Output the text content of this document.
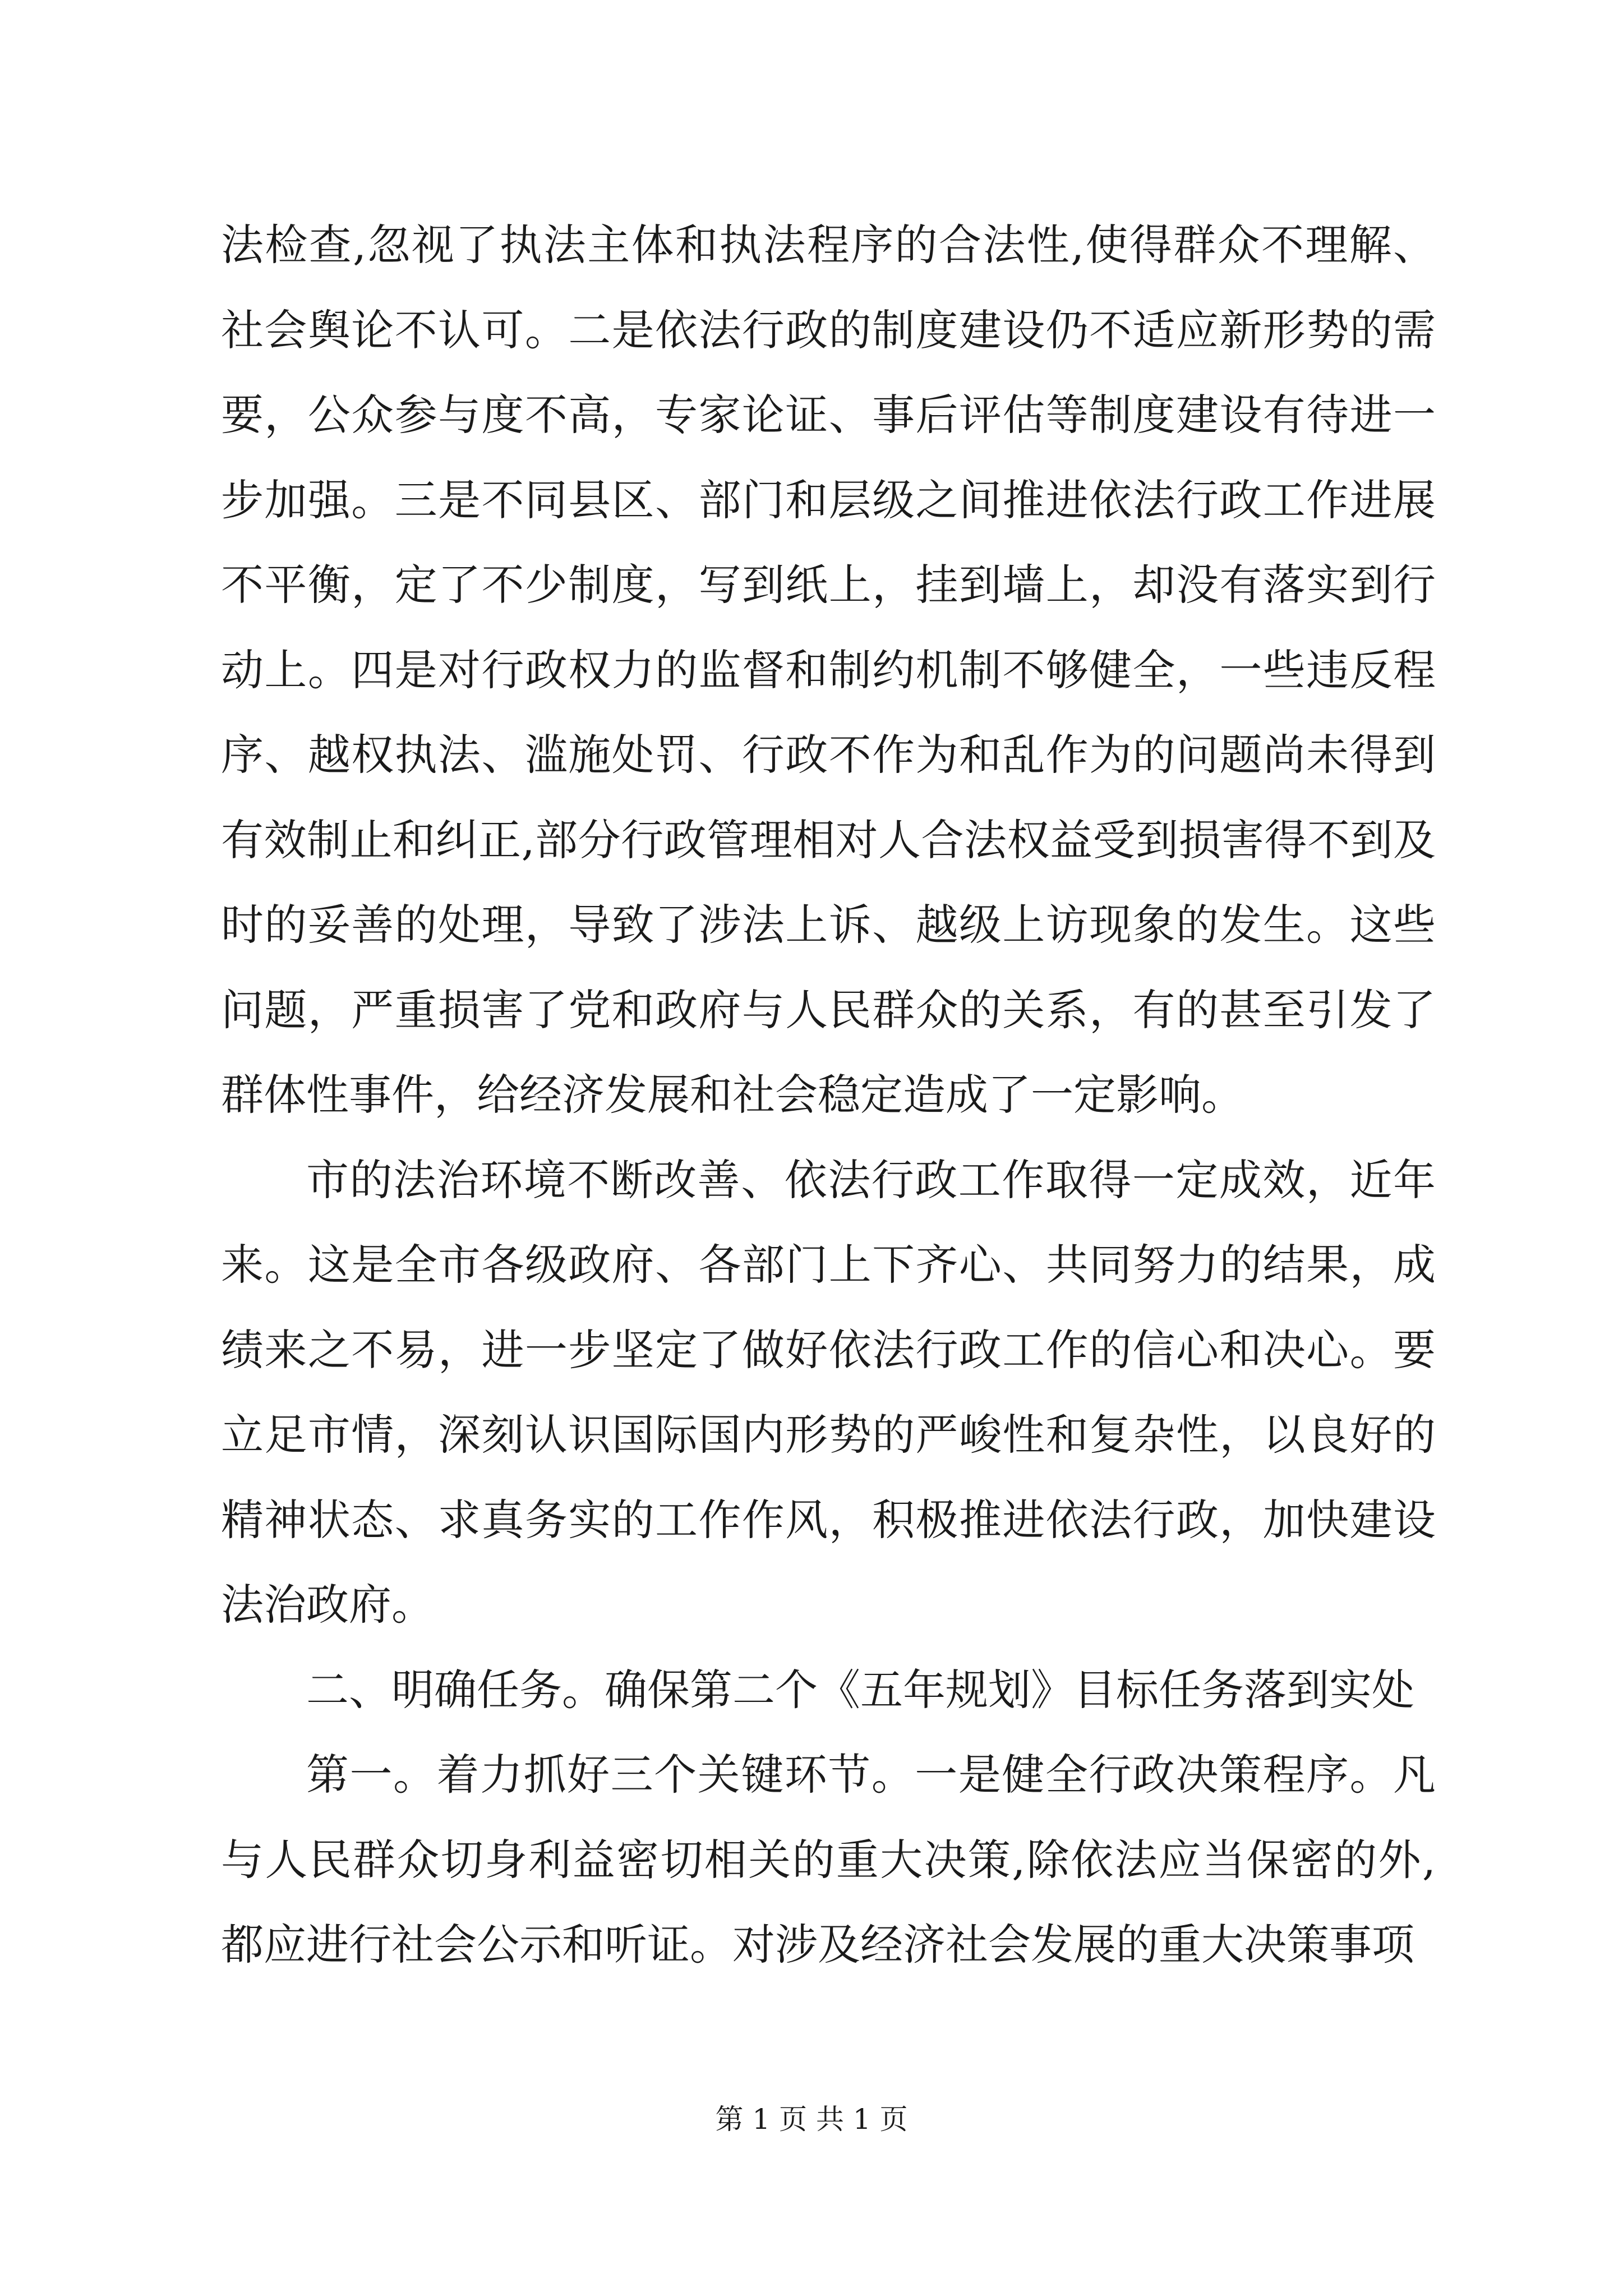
法检查,忽视了执法主体和执法程序的合法性,使得群众不理解、社会舆论不认可。二是依法行政的制度建设仍不适应新形势的需要，公众参与度不高，专家论证、事后评估等制度建设有待进一步加强。三是不同县区、部门和层级之间推进依法行政工作进展不平衡，定了不少制度，写到纸上，挂到墙上，却没有落实到行动上。四是对行政权力的监督和制约机制不够健全，一些违反程序、越权执法、滥施处罚、行政不作为和乱作为的问题尚未得到有效制止和纠正,部分行政管理相对人合法权益受到损害得不到及时的妥善的处理，导致了涉法上诉、越级上访现象的发生。这些问题，严重损害了党和政府与人民群众的关系，有的甚至引发了群体性事件，给经济发展和社会稳定造成了一定影响。

市的法治环境不断改善、依法行政工作取得一定成效，近年来。这是全市各级政府、各部门上下齐心、共同努力的结果，成绩来之不易，进一步坚定了做好依法行政工作的信心和决心。要立足市情，深刻认识国际国内形势的严峻性和复杂性，以良好的精神状态、求真务实的工作作风，积极推进依法行政，加快建设法治政府。

二、明确任务。确保第二个《五年规划》目标任务落到实处

第一。着力抓好三个关键环节。一是健全行政决策程序。凡与人民群众切身利益密切相关的重大决策,除依法应当保密的外,都应进行社会公示和听证。对涉及经济社会发展的重大决策事项

第 1 页 共 1 页
